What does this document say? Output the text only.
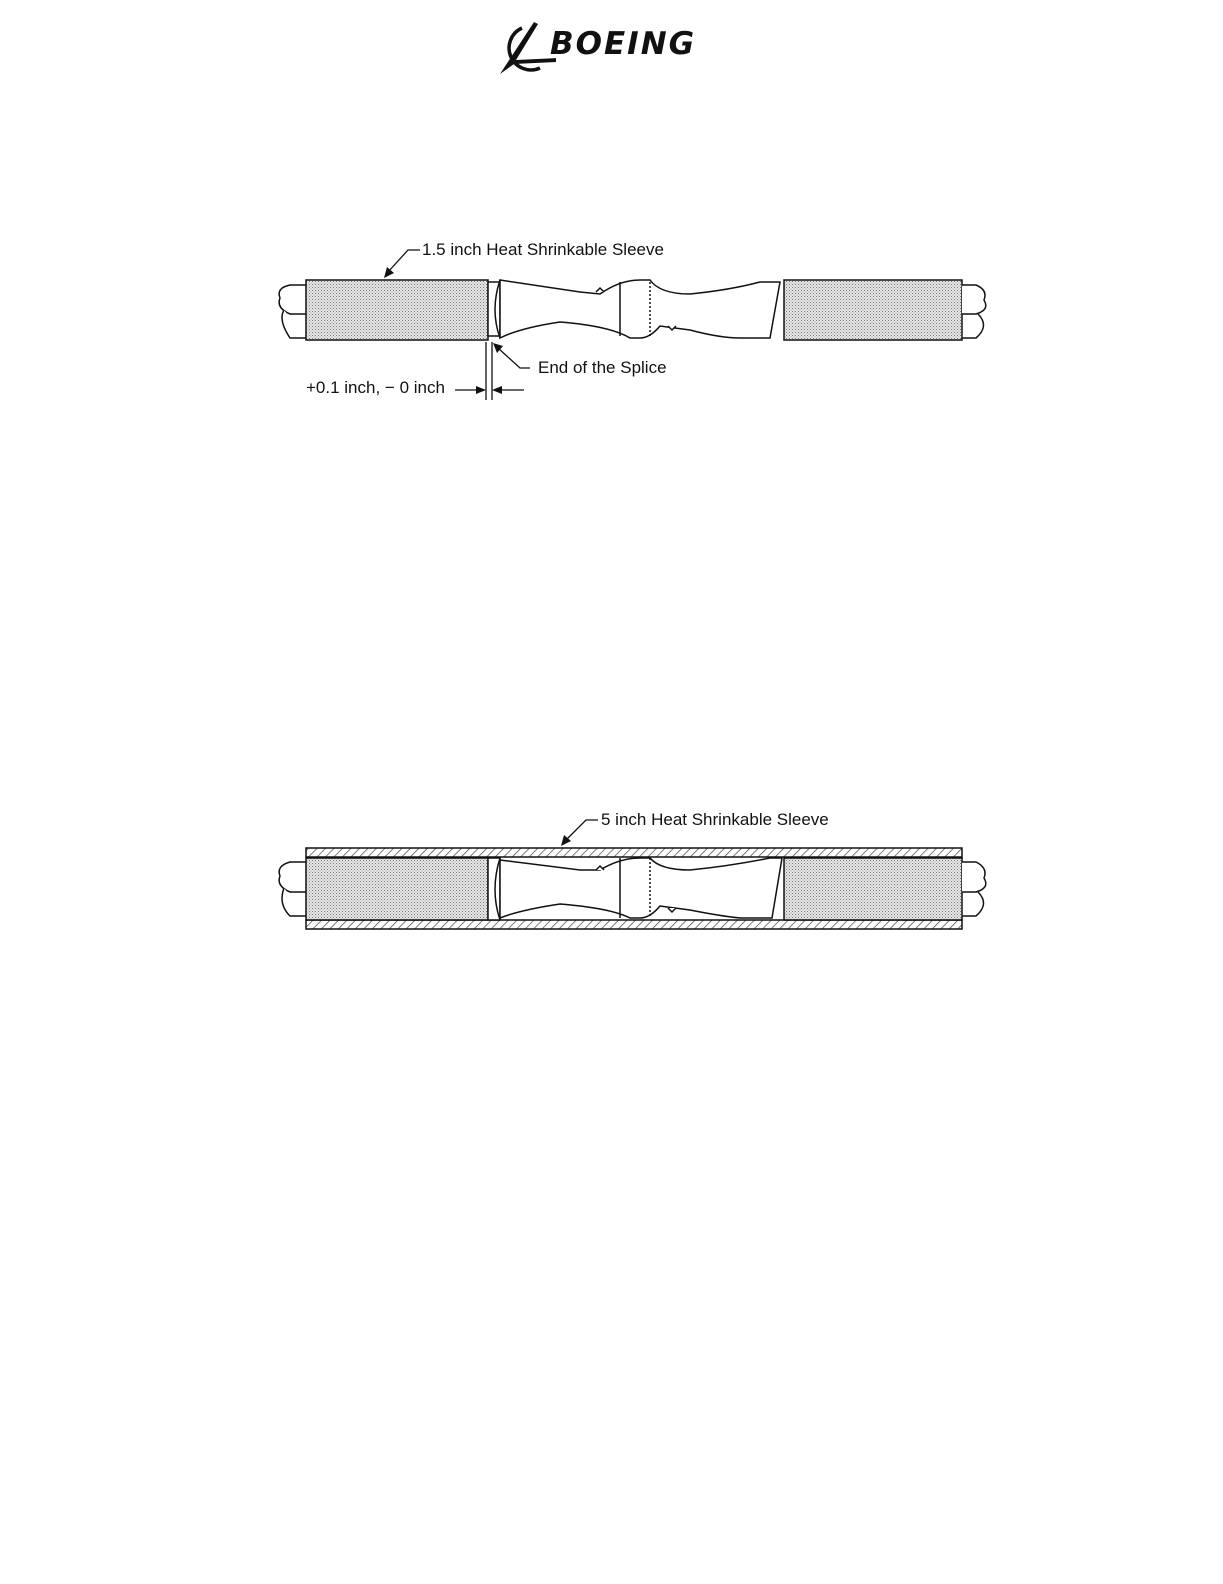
BOEING
1.5 inch Heat Shrinkable Sleeve
End of the Splice
+0.1 inch, − 0 inch
5 inch Heat Shrinkable Sleeve
